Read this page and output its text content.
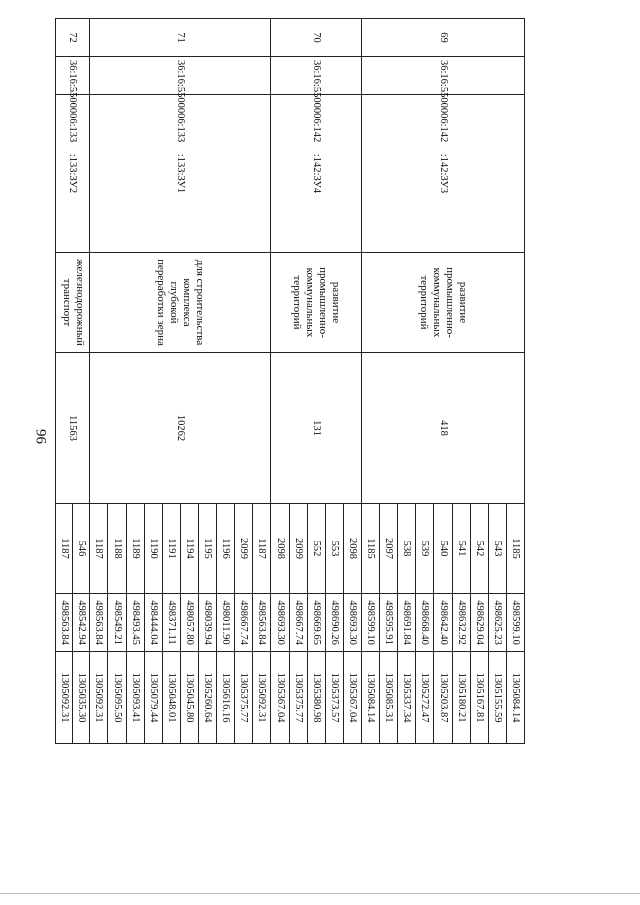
96
69	36:16:5500006:142	:142:ЗУ3	развитие промышленно-коммунальных территорий	418	1185	498599.10	1305084.14
					543	498625.23	1305155.59
					542	498629.04	1305167.81
					541	498632.92	1305180.21
					540	498642.40	1305203.87
					539	498668.40	1305272.47
					538	498691.84	1305337.34
					2097	498595.91	1305085.31
					1185	498599.10	1305084.14
70	36:16:5500006:142	:142:ЗУ4	развитие промышленно-коммунальных территорий	131	2098	498693.30	1305367.04
					553	498690.26	1305373.57
					552	498669.65	1305380.98
					2099	498667.74	1305375.77
					2098	498693.30	1305367.04
71	36:16:5500006:133	:133:ЗУ1	для строительства комплекса глубокой переработки зерна	10262	1187	498563.84	1305092.31
					2099	498667.74	1305375.77
					1196	498011.90	1305616.16
					1195	498039.94	1305260.64
					1194	498057.80	1305045.80
					1191	498371.11	1305048.01
					1190	498444.04	1305079.44
					1189	498493.45	1305093.41
					1188	498549.21	1305095.50
					1187	498563.84	1305092.31
72	36:16:5500006:133	:133:ЗУ2	железнодорожный транспорт	11563	546	498542.94	1305035.30
					1187	498563.84	1305092.31
